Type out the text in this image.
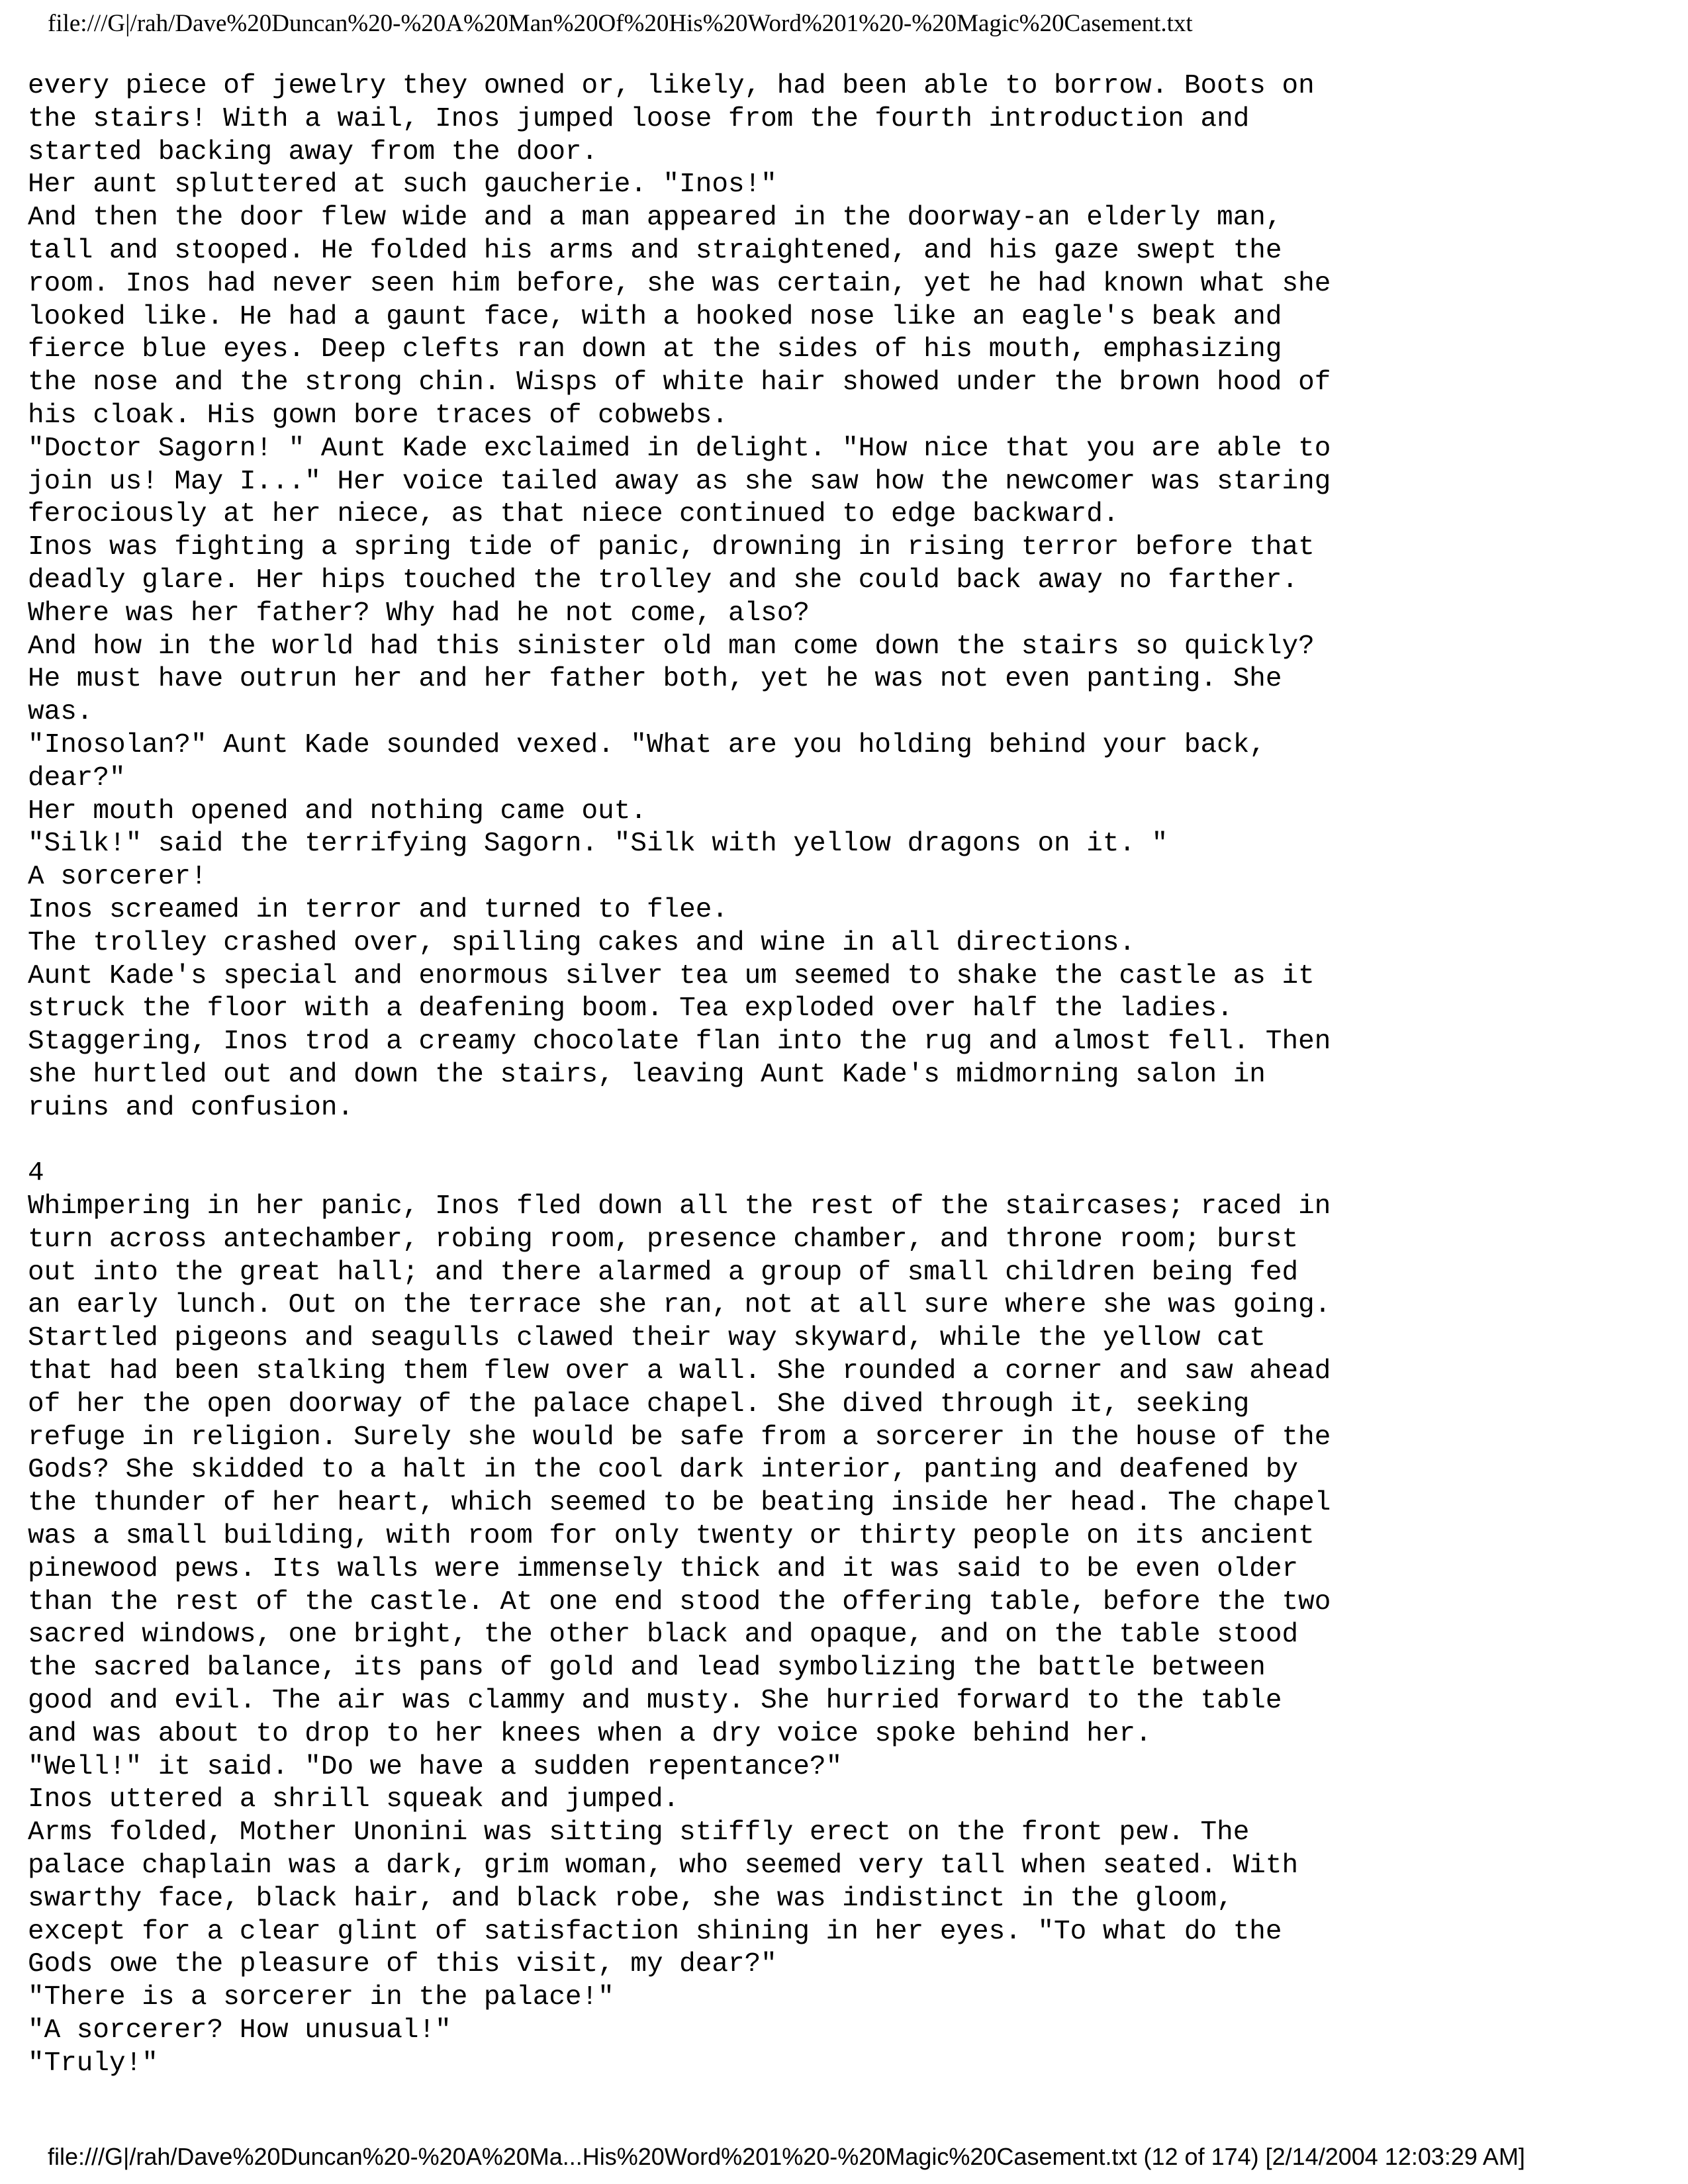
file:///G|/rah/Dave%20Duncan%20-%20A%20Man%20Of%20His%20Word%201%20-%20Magic%20Casement.txt
every piece of jewelry they owned or, likely, had been able to borrow. Boots on
the stairs! With a wail, Inos jumped loose from the fourth introduction and
started backing away from the door.
Her aunt spluttered at such gaucherie. "Inos!"
And then the door flew wide and a man appeared in the doorway-an elderly man,
tall and stooped. He folded his arms and straightened, and his gaze swept the
room. Inos had never seen him before, she was certain, yet he had known what she
looked like. He had a gaunt face, with a hooked nose like an eagle's beak and
fierce blue eyes. Deep clefts ran down at the sides of his mouth, emphasizing
the nose and the strong chin. Wisps of white hair showed under the brown hood of
his cloak. His gown bore traces of cobwebs.
"Doctor Sagorn! " Aunt Kade exclaimed in delight. "How nice that you are able to
join us! May I..." Her voice tailed away as she saw how the newcomer was staring
ferociously at her niece, as that niece continued to edge backward.
Inos was fighting a spring tide of panic, drowning in rising terror before that
deadly glare. Her hips touched the trolley and she could back away no farther.
Where was her father? Why had he not come, also?
And how in the world had this sinister old man come down the stairs so quickly?
He must have outrun her and her father both, yet he was not even panting. She
was.
"Inosolan?" Aunt Kade sounded vexed. "What are you holding behind your back,
dear?"
Her mouth opened and nothing came out.
"Silk!" said the terrifying Sagorn. "Silk with yellow dragons on it. "
A sorcerer!
Inos screamed in terror and turned to flee.
The trolley crashed over, spilling cakes and wine in all directions.
Aunt Kade's special and enormous silver tea um seemed to shake the castle as it
struck the floor with a deafening boom. Tea exploded over half the ladies.
Staggering, Inos trod a creamy chocolate flan into the rug and almost fell. Then
she hurtled out and down the stairs, leaving Aunt Kade's midmorning salon in
ruins and confusion.
4
Whimpering in her panic, Inos fled down all the rest of the staircases; raced in
turn across antechamber, robing room, presence chamber, and throne room; burst
out into the great hall; and there alarmed a group of small children being fed
an early lunch. Out on the terrace she ran, not at all sure where she was going.
Startled pigeons and seagulls clawed their way skyward, while the yellow cat
that had been stalking them flew over a wall. She rounded a corner and saw ahead
of her the open doorway of the palace chapel. She dived through it, seeking
refuge in religion. Surely she would be safe from a sorcerer in the house of the
Gods? She skidded to a halt in the cool dark interior, panting and deafened by
the thunder of her heart, which seemed to be beating inside her head. The chapel
was a small building, with room for only twenty or thirty people on its ancient
pinewood pews. Its walls were immensely thick and it was said to be even older
than the rest of the castle. At one end stood the offering table, before the two
sacred windows, one bright, the other black and opaque, and on the table stood
the sacred balance, its pans of gold and lead symbolizing the battle between
good and evil. The air was clammy and musty. She hurried forward to the table
and was about to drop to her knees when a dry voice spoke behind her.
"Well!" it said. "Do we have a sudden repentance?"
Inos uttered a shrill squeak and jumped.
Arms folded, Mother Unonini was sitting stiffly erect on the front pew. The
palace chaplain was a dark, grim woman, who seemed very tall when seated. With
swarthy face, black hair, and black robe, she was indistinct in the gloom,
except for a clear glint of satisfaction shining in her eyes. "To what do the
Gods owe the pleasure of this visit, my dear?"
"There is a sorcerer in the palace!"
"A sorcerer? How unusual!"
"Truly!"
file:///G|/rah/Dave%20Duncan%20-%20A%20Ma...His%20Word%201%20-%20Magic%20Casement.txt (12 of 174) [2/14/2004 12:03:29 AM]
